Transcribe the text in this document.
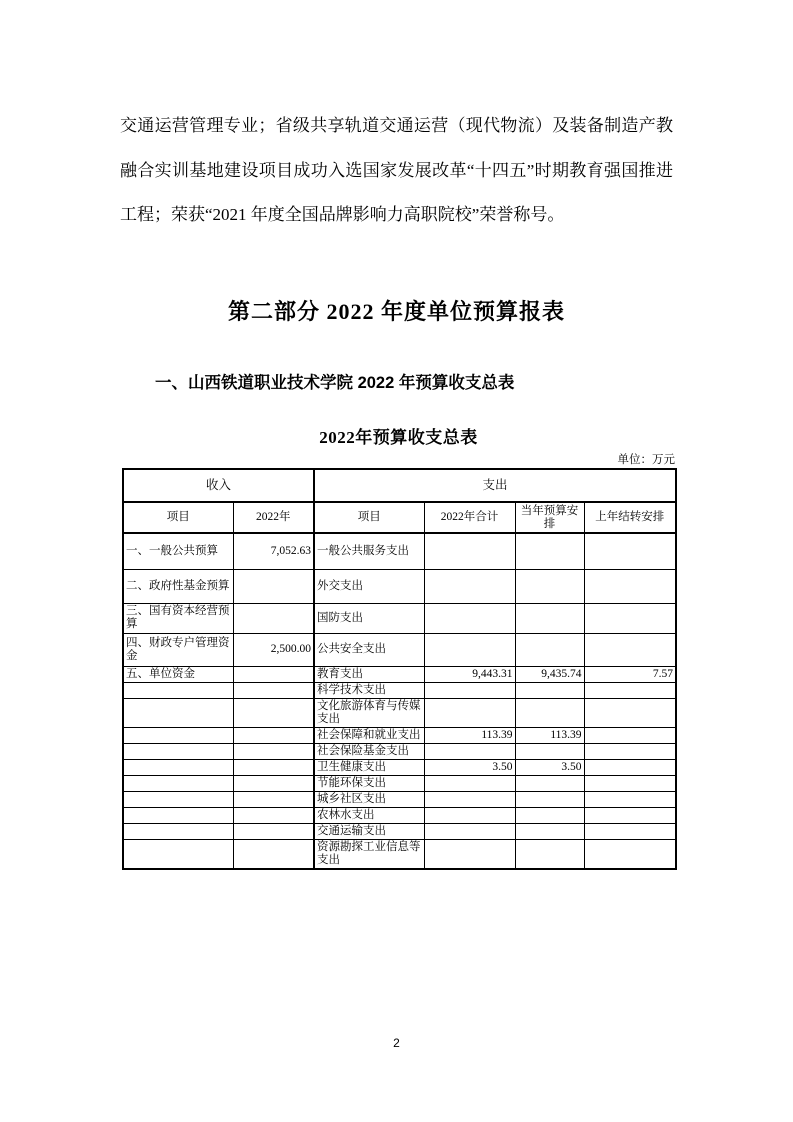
交通运营管理专业；省级共享轨道交通运营（现代物流）及装备制造产教融合实训基地建设项目成功入选国家发展改革“十四五”时期教育强国推进工程；荣获“2021 年度全国品牌影响力高职院校”荣誉称号。

第二部分 2022 年度单位预算报表
一、山西铁道职业技术学院 2022 年预算收支总表
2022年预算收支总表
单位：万元
收入		支出			
项目	2022年	项目	2022年合计	当年预算安排	上年结转安排
一、一般公共预算	7,052.63	一般公共服务支出			
二、政府性基金预算		外交支出			
三、国有资本经营预算		国防支出			
四、财政专户管理资金	2,500.00	公共安全支出			
五、单位资金		教育支出	9,443.31	9,435.74	7.57
		科学技术支出			
		文化旅游体育与传媒支出			
		社会保障和就业支出	113.39	113.39	
		社会保险基金支出			
		卫生健康支出	3.50	3.50	
		节能环保支出			
		城乡社区支出			
		农林水支出			
		交通运输支出			
		资源勘探工业信息等支出			
2
